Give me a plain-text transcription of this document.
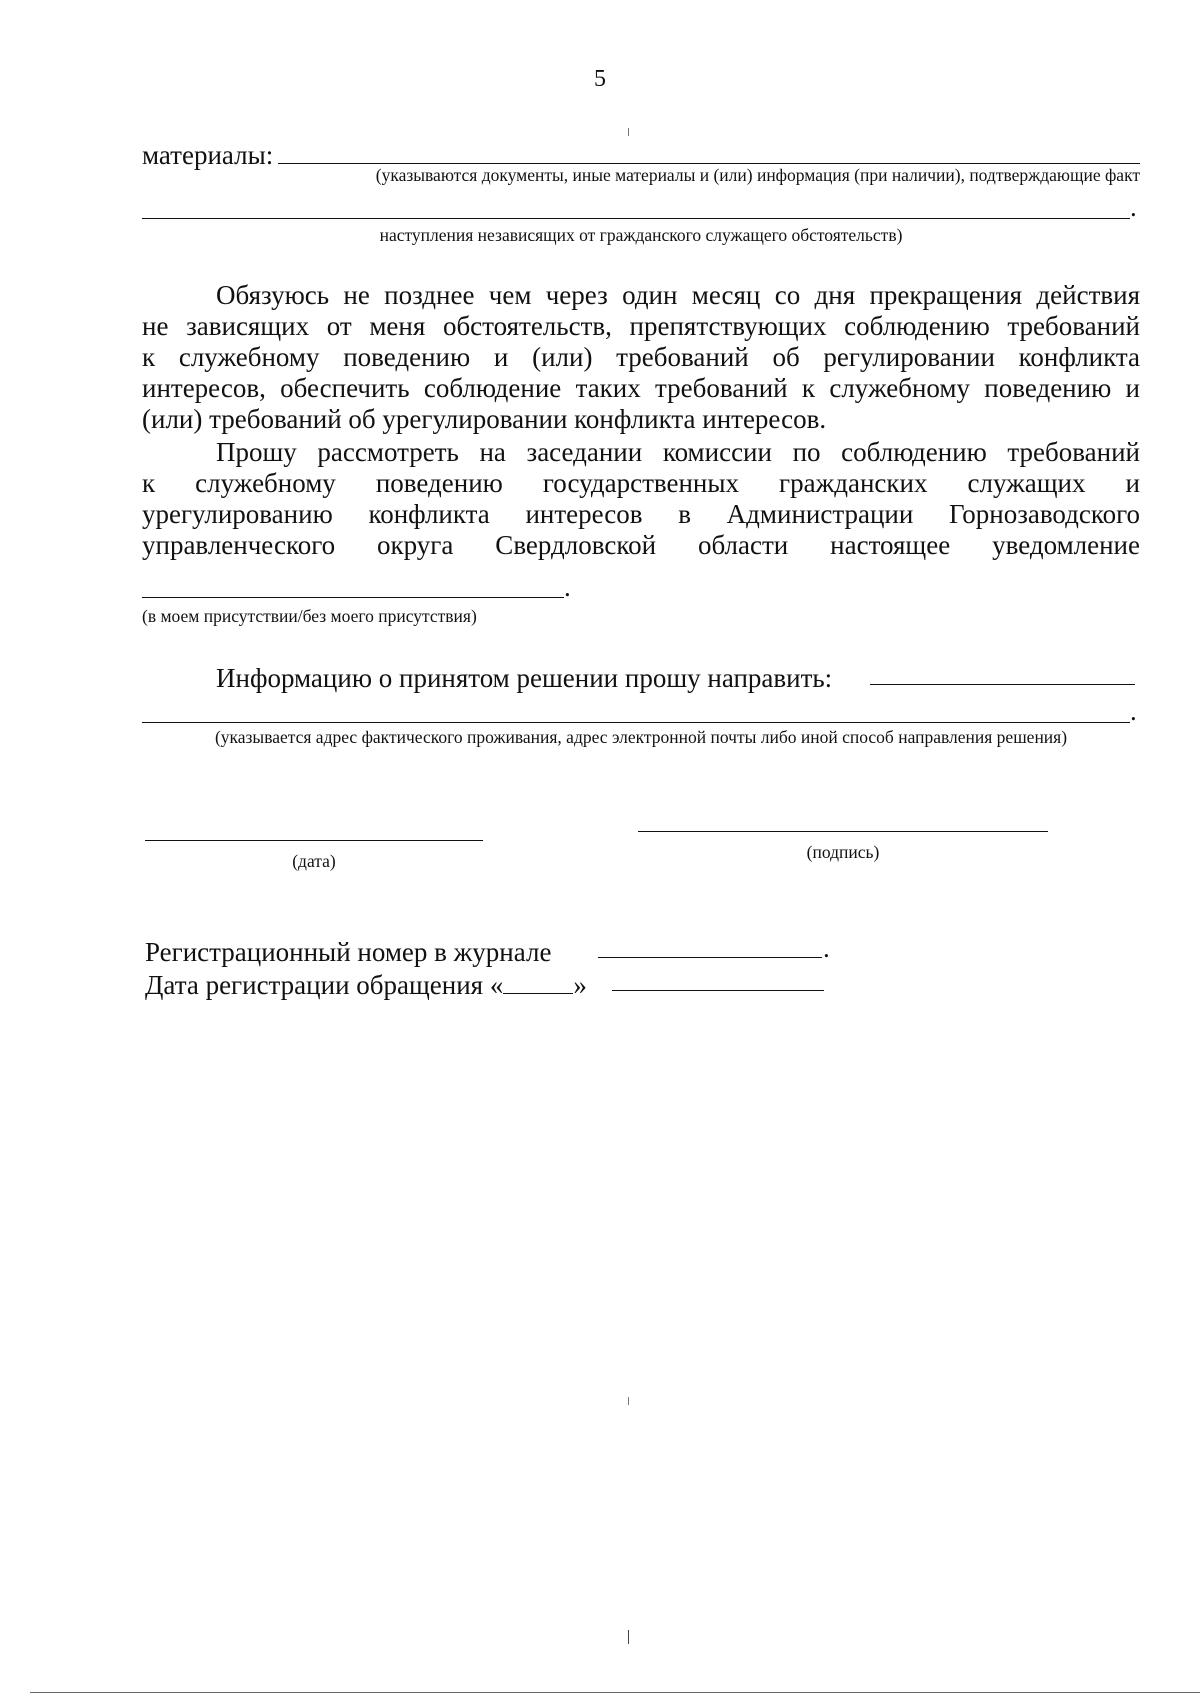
5
материалы:
(указываются документы, иные материалы и (или) информация (при наличии), подтверждающие факт
.
наступления независящих от гражданского служащего обстоятельств)
Обязуюсь не позднее чем через один месяц со дня прекращения действия
не зависящих от меня обстоятельств, препятствующих соблюдению требований
к служебному поведению и (или) требований об регулировании конфликта
интересов, обеспечить соблюдение таких требований к служебному поведению и
(или) требований об урегулировании конфликта интересов.
Прошу рассмотреть на заседании комиссии по соблюдению требований
к служебному поведению государственных гражданских служащих и
урегулированию конфликта интересов в Администрации Горнозаводского
управленческого округа Свердловской области настоящее уведомление
.
(в моем присутствии/без моего присутствия)
Информацию о принятом решении прошу направить:
.
(указывается адрес фактического проживания, адрес электронной почты либо иной способ направления решения)
(дата)	(подпись)
Регистрационный номер в журнале	.
Дата регистрации обращения «	»
